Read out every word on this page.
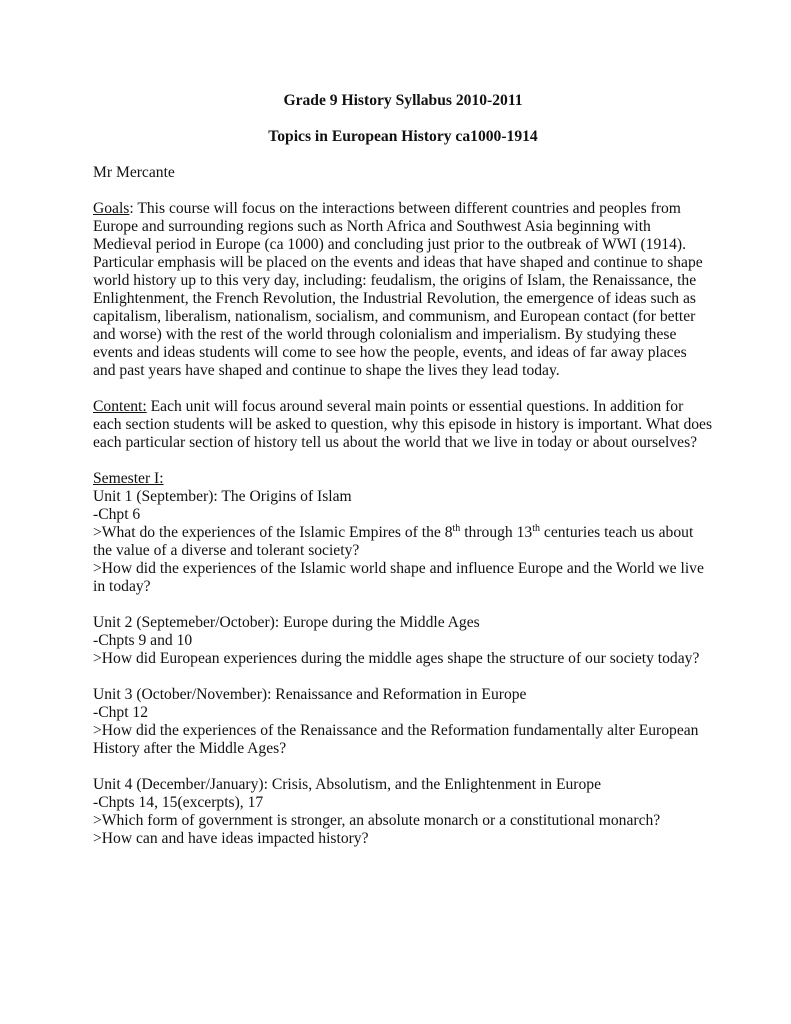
Grade 9 History Syllabus 2010-2011

Topics in European History ca1000-1914

Mr Mercante

Goals: This course will focus on the interactions between different countries and peoples from Europe and surrounding regions such as North Africa and Southwest Asia beginning with Medieval period in Europe (ca 1000) and concluding just prior to the outbreak of WWI (1914). Particular emphasis will be placed on the events and ideas that have shaped and continue to shape world history up to this very day, including: feudalism, the origins of Islam, the Renaissance, the Enlightenment, the French Revolution, the Industrial Revolution, the emergence of ideas such as capitalism, liberalism, nationalism, socialism, and communism, and European contact (for better and worse) with the rest of the world through colonialism and imperialism. By studying these events and ideas students will come to see how the people, events, and ideas of far away places and past years have shaped and continue to shape the lives they lead today.

Content: Each unit will focus around several main points or essential questions. In addition for each section students will be asked to question, why this episode in history is important. What does each particular section of history tell us about the world that we live in today or about ourselves?

Semester I:
Unit 1 (September): The Origins of Islam
-Chpt 6
>What do the experiences of the Islamic Empires of the 8th through 13th centuries teach us about the value of a diverse and tolerant society?
>How did the experiences of the Islamic world shape and influence Europe and the World we live in today?
Unit 2 (Septemeber/October): Europe during the Middle Ages
-Chpts 9 and 10
>How did European experiences during the middle ages shape the structure of our society today?
Unit 3 (October/November): Renaissance and Reformation in Europe
-Chpt 12
>How did the experiences of the Renaissance and the Reformation fundamentally alter European History after the Middle Ages?
Unit 4 (December/January): Crisis, Absolutism, and the Enlightenment in Europe
-Chpts 14, 15(excerpts), 17
>Which form of government is stronger, an absolute monarch or a constitutional monarch?
>How can and have ideas impacted history?
